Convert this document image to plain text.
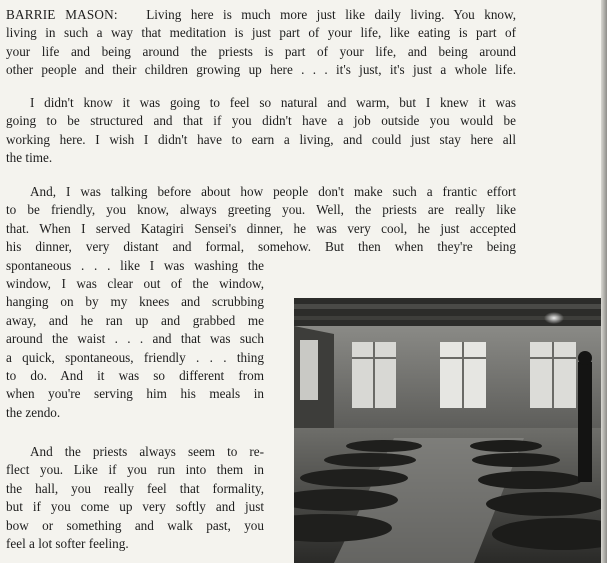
BARRIE MASON: Living here is much more just like daily living. You know,
living in such a way that meditation is just part of your life, like eating is part of
your life and being around the priests is part of your life, and being around
other people and their children growing up here . . . it's just, it's just a whole life.
I didn't know it was going to feel so natural and warm, but I knew it was
going to be structured and that if you didn't have a job outside you would be
working here. I wish I didn't have to earn a living, and could just stay here all
the time.
And, I was talking before about how people don't make such a frantic effort
to be friendly, you know, always greeting you. Well, the priests are really like
that. When I served Katagiri Sensei's dinner, he was very cool, he just accepted
his dinner, very distant and formal, somehow. But then when they're being
spontaneous . . . like I was washing the
window, I was clear out of the window,
hanging on by my knees and scrubbing
away, and he ran up and grabbed me
around the waist . . . and that was such
a quick, spontaneous, friendly . . . thing
to do. And it was so different from
when you're serving him his meals in
the zendo.
And the priests always seem to re-
flect you. Like if you run into them in
the hall, you really feel that formality,
but if you come up very softly and just
bow or something and walk past, you
feel a lot softer feeling.
